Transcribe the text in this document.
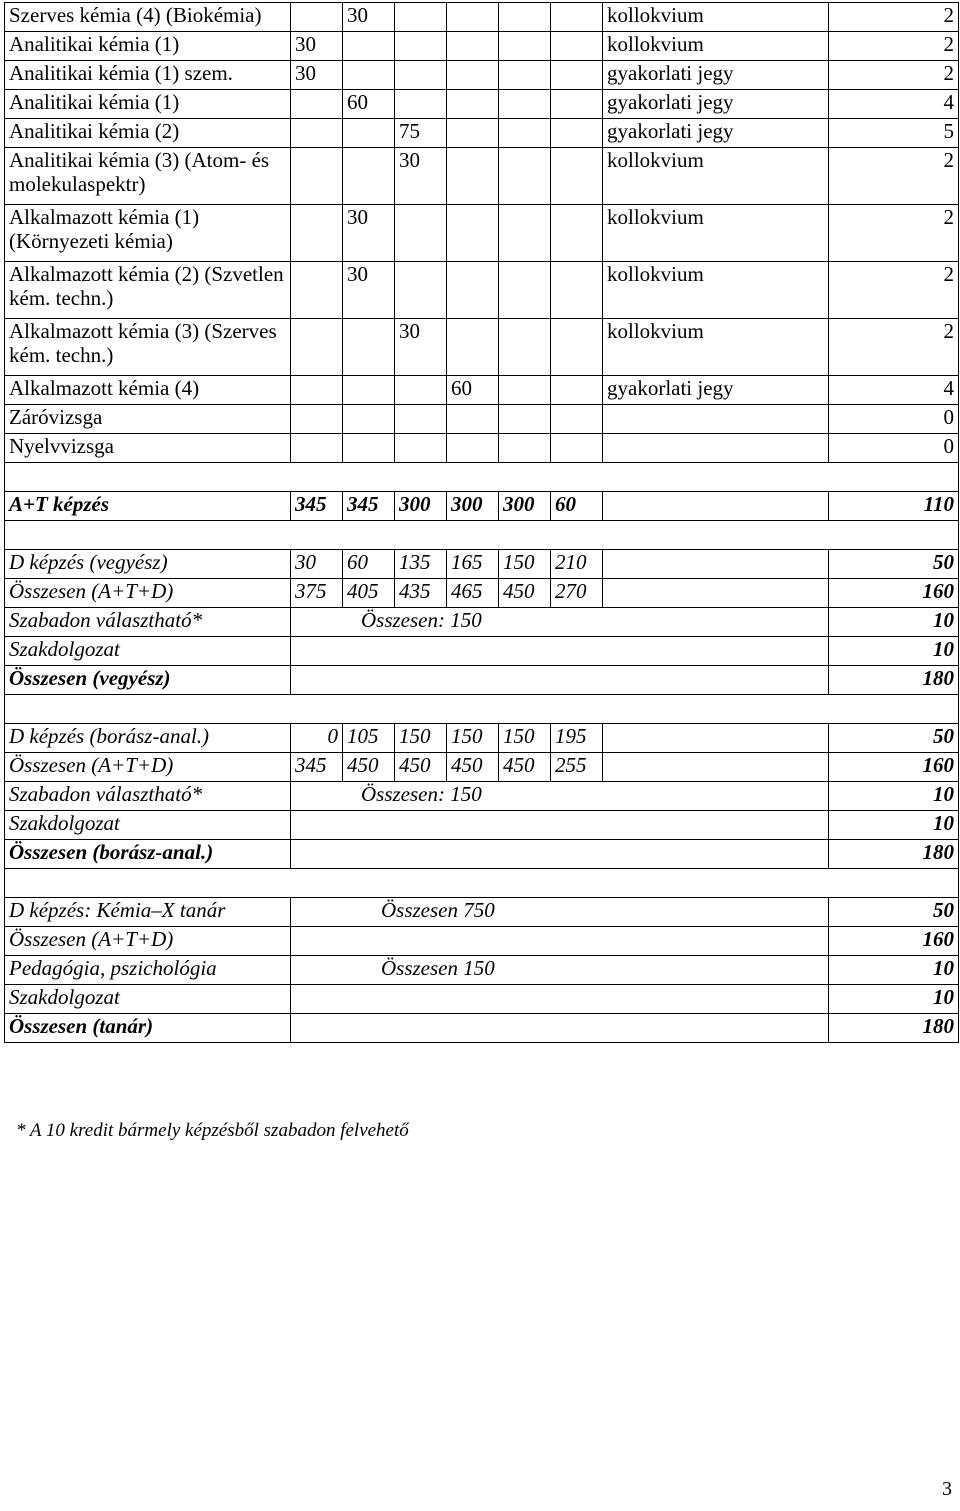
Szerves kémia (4) (Biokémia)		30					kollokvium	2
Analitikai kémia (1)	30						kollokvium	2
Analitikai kémia (1) szem.	30						gyakorlati jegy	2
Analitikai kémia (1)		60					gyakorlati jegy	4
Analitikai kémia (2)			75				gyakorlati jegy	5
Analitikai kémia (3) (Atom- és molekulaspektr)			30				kollokvium	2
Alkalmazott kémia (1) (Környezeti kémia)		30					kollokvium	2
Alkalmazott kémia (2) (Szvetlen kém. techn.)		30					kollokvium	2
Alkalmazott kémia (3) (Szerves kém. techn.)			30				kollokvium	2
Alkalmazott kémia (4)				60			gyakorlati jegy	4
Záróvizsga								0
Nyelvvizsga								0

A+T képzés	345	345	300	300	300	60		110

D képzés (vegyész)	30	60	135	165	150	210		50
Összesen (A+T+D)	375	405	435	465	450	270		160
Szabadon választható*	Összesen: 150							10
Szakdolgozat								10
Összesen (vegyész)								180

D képzés (borász-anal.)	0	105	150	150	150	195		50
Összesen (A+T+D)	345	450	450	450	450	255		160
Szabadon választható*	Összesen: 150							10
Szakdolgozat								10
Összesen (borász-anal.)								180

D képzés: Kémia–X tanár	Összesen 750							50
Összesen (A+T+D)								160
Pedagógia, pszichológia	Összesen 150							10
Szakdolgozat								10
Összesen (tanár)								180
* A 10 kredit bármely képzésből szabadon felvehető
3
